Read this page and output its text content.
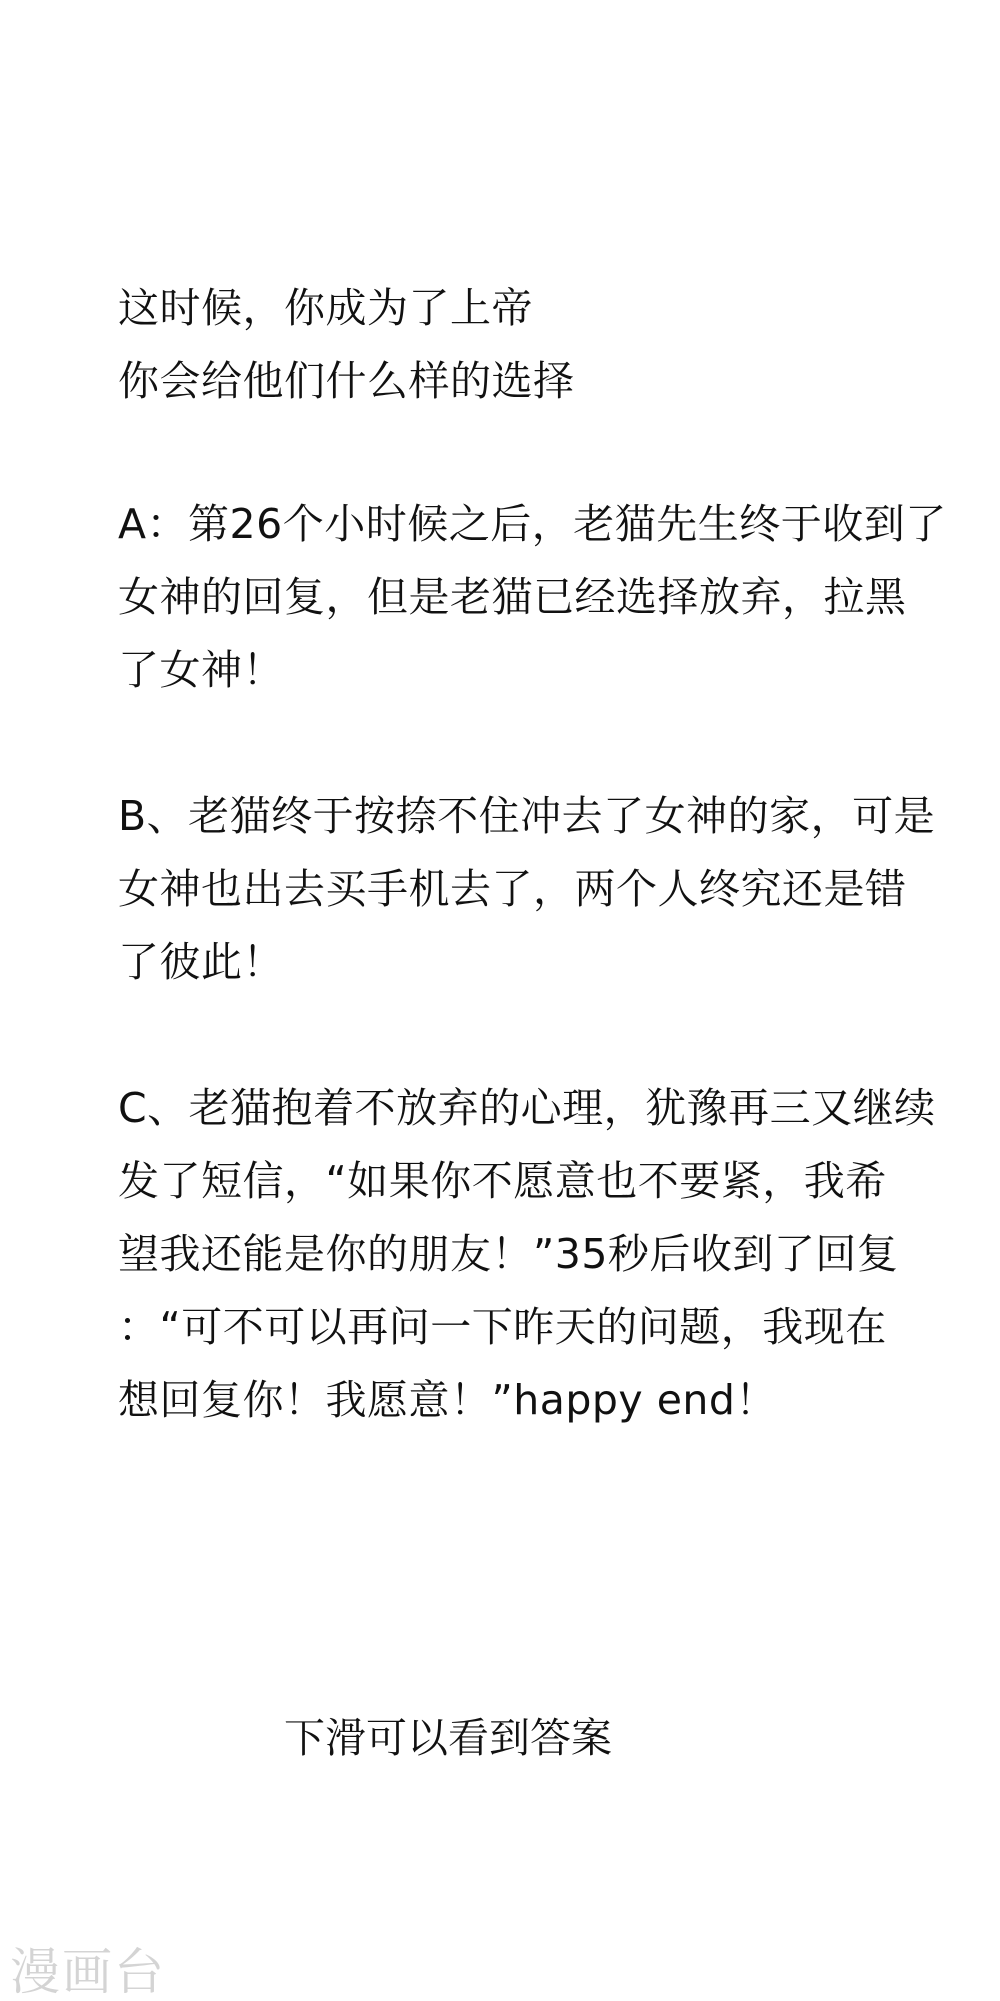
这时候，你成为了上帝
你会给他们什么样的选择
A：第26个小时候之后，老猫先生终于收到了
女神的回复，但是老猫已经选择放弃，拉黑
了女神！
B、老猫终于按捺不住冲去了女神的家，可是
女神也出去买手机去了，两个人终究还是错
了彼此！
C、老猫抱着不放弃的心理，犹豫再三又继续
发了短信，“如果你不愿意也不要紧，我希
望我还能是你的朋友！”35秒后收到了回复
：“可不可以再问一下昨天的问题，我现在
想回复你！我愿意！”happy end！
下滑可以看到答案
漫画台
